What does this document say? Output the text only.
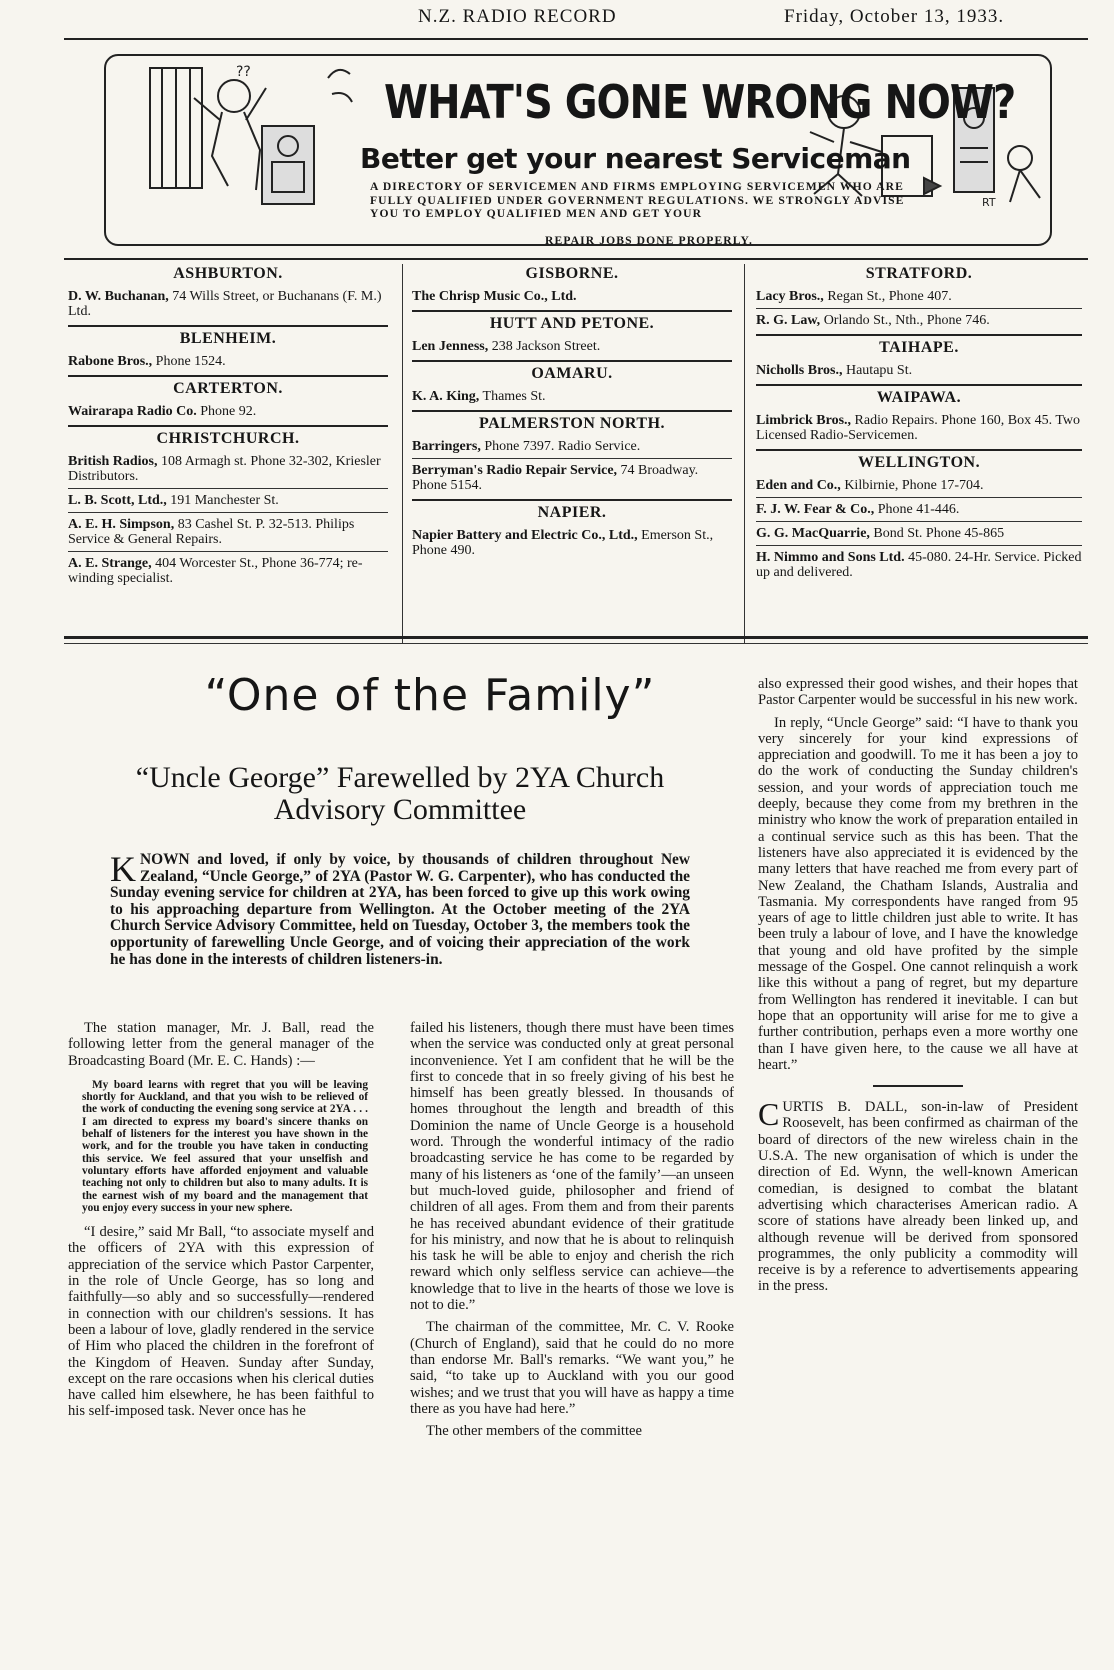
N.Z. RADIO RECORD	Friday, October 13, 1933.
??
RT
WHAT'S GONE WRONG NOW?
Better get your nearest Serviceman
A DIRECTORY OF SERVICEMEN AND FIRMS EMPLOYING SERVICEMEN WHO ARE FULLY QUALIFIED UNDER GOVERNMENT REGULATIONS. WE STRONGLY ADVISE YOU TO EMPLOY QUALIFIED MEN AND GET YOUR
REPAIR JOBS DONE PROPERLY.
ASHBURTON.
D. W. Buchanan, 74 Wills Street, or Buchanans (F. M.) Ltd.
BLENHEIM.
Rabone Bros., Phone 1524.
CARTERTON.
Wairarapa Radio Co. Phone 92.
CHRISTCHURCH.
British Radios, 108 Armagh st. Phone 32-302, Kriesler Distributors.
L. B. Scott, Ltd., 191 Manchester St.
A. E. H. Simpson, 83 Cashel St. P. 32-513. Philips Service & General Repairs.
A. E. Strange, 404 Worcester St., Phone 36-774; re-winding specialist.
GISBORNE.
The Chrisp Music Co., Ltd.
HUTT AND PETONE.
Len Jenness, 238 Jackson Street.
OAMARU.
K. A. King, Thames St.
PALMERSTON NORTH.
Barringers, Phone 7397. Radio Service.
Berryman's Radio Repair Service, 74 Broadway. Phone 5154.
NAPIER.
Napier Battery and Electric Co., Ltd., Emerson St., Phone 490.
STRATFORD.
Lacy Bros., Regan St., Phone 407.
R. G. Law, Orlando St., Nth., Phone 746.
TAIHAPE.
Nicholls Bros., Hautapu St.
WAIPAWA.
Limbrick Bros., Radio Repairs. Phone 160, Box 45. Two Licensed Radio-Servicemen.
WELLINGTON.
Eden and Co., Kilbirnie, Phone 17-704.
F. J. W. Fear & Co., Phone 41-446.
G. G. MacQuarrie, Bond St. Phone 45-865
H. Nimmo and Sons Ltd. 45-080. 24-Hr. Service. Picked up and delivered.
“One of the Family”
“Uncle George” Farewelled by 2YA Church Advisory Committee
KNOWN and loved, if only by voice, by thousands of children throughout New Zealand, “Uncle George,” of 2YA (Pastor W. G. Carpenter), who has conducted the Sunday evening service for children at 2YA, has been forced to give up this work owing to his approaching departure from Wellington. At the October meeting of the 2YA Church Service Advisory Committee, held on Tuesday, October 3, the members took the opportunity of farewelling Uncle George, and of voicing their appreciation of the work he has done in the interests of children listeners-in.

The station manager, Mr. J. Ball, read the following letter from the general manager of the Broadcasting Board (Mr. E. C. Hands) :—

My board learns with regret that you will be leaving shortly for Auckland, and that you wish to be relieved of the work of conducting the evening song service at 2YA . . . I am directed to express my board's sincere thanks on behalf of listeners for the interest you have shown in the work, and for the trouble you have taken in conducting this service. We feel assured that your unselfish and voluntary efforts have afforded enjoyment and valuable teaching not only to children but also to many adults. It is the earnest wish of my board and the management that you enjoy every success in your new sphere.

“I desire,” said Mr Ball, “to associate myself and the officers of 2YA with this expression of appreciation of the service which Pastor Carpenter, in the role of Uncle George, has so long and faithfully—so ably and so successfully—rendered in connection with our children's sessions. It has been a labour of love, gladly rendered in the service of Him who placed the children in the forefront of the Kingdom of Heaven. Sunday after Sunday, except on the rare occasions when his clerical duties have called him elsewhere, he has been faithful to his self-imposed task. Never once has he

failed his listeners, though there must have been times when the service was conducted only at great personal inconvenience. Yet I am confident that he will be the first to concede that in so freely giving of his best he himself has been greatly blessed. In thousands of homes throughout the length and breadth of this Dominion the name of Uncle George is a household word. Through the wonderful intimacy of the radio broadcasting service he has come to be regarded by many of his listeners as ‘one of the family’—an unseen but much-loved guide, philosopher and friend of children of all ages. From them and from their parents he has received abundant evidence of their gratitude for his ministry, and now that he is about to relinquish his task he will be able to enjoy and cherish the rich reward which only selfless service can achieve—the knowledge that to live in the hearts of those we love is not to die.”

The chairman of the committee, Mr. C. V. Rooke (Church of England), said that he could do no more than endorse Mr. Ball's remarks. “We want you,” he said, “to take up to Auckland with you our good wishes; and we trust that you will have as happy a time there as you have had here.”

The other members of the committee

also expressed their good wishes, and their hopes that Pastor Carpenter would be successful in his new work.

In reply, “Uncle George” said: “I have to thank you very sincerely for your kind expressions of appreciation and goodwill. To me it has been a joy to do the work of conducting the Sunday children's session, and your words of appreciation touch me deeply, because they come from my brethren in the ministry who know the work of preparation entailed in a continual service such as this has been. That the listeners have also appreciated it is evidenced by the many letters that have reached me from every part of New Zealand, the Chatham Islands, Australia and Tasmania. My correspondents have ranged from 95 years of age to little children just able to write. It has been truly a labour of love, and I have the knowledge that young and old have profited by the simple message of the Gospel. One cannot relinquish a work like this without a pang of regret, but my departure from Wellington has rendered it inevitable. I can but hope that an opportunity will arise for me to give a further contribution, perhaps even a more worthy one than I have given here, to the cause we all have at heart.”

CURTIS B. DALL, son-in-law of President Roosevelt, has been confirmed as chairman of the board of directors of the new wireless chain in the U.S.A. The new organisation of which is under the direction of Ed. Wynn, the well-known American comedian, is designed to combat the blatant advertising which characterises American radio. A score of stations have already been linked up, and although revenue will be derived from sponsored programmes, the only publicity a commodity will receive is by a reference to advertisements appearing in the press.
